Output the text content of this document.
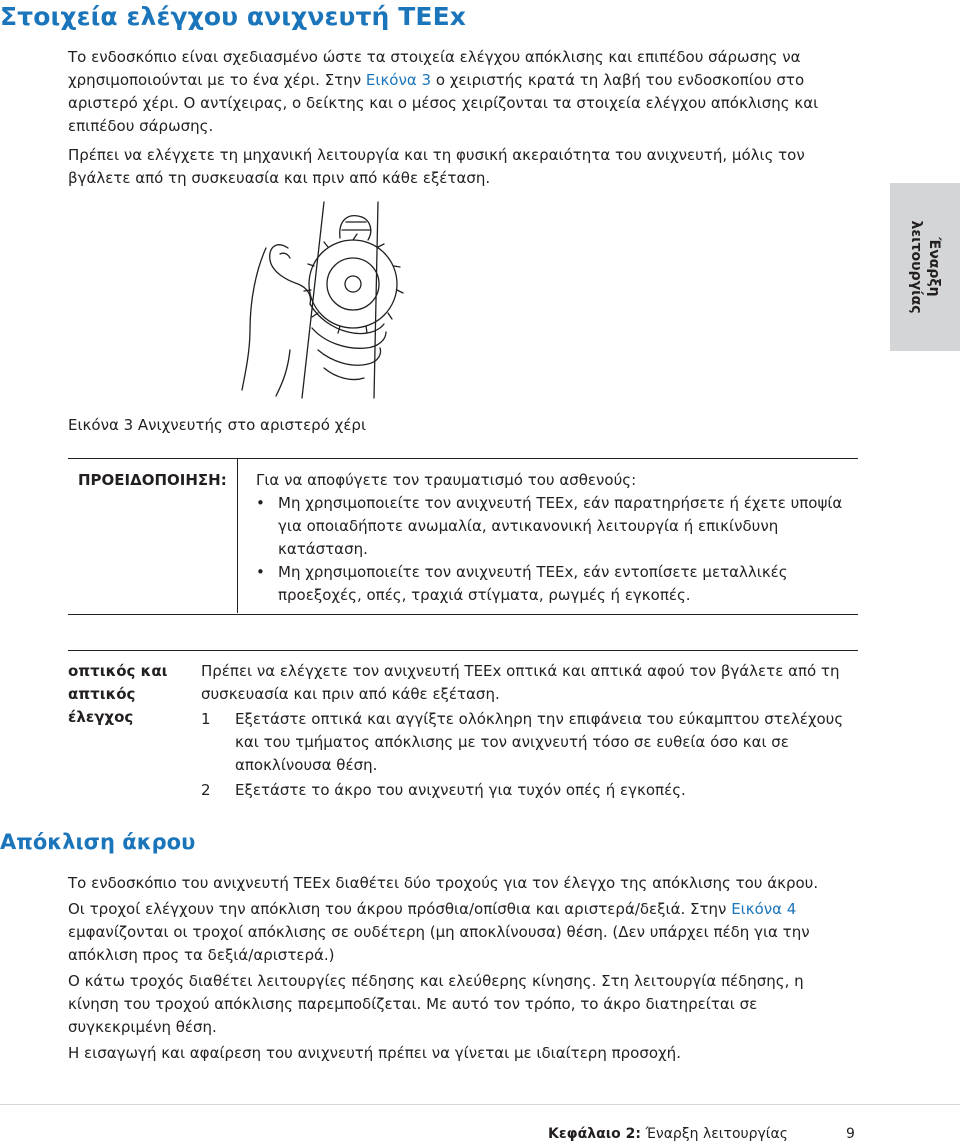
Στοιχεία ελέγχου ανιχνευτή TEEx
Το ενδοσκόπιο είναι σχεδιασμένο ώστε τα στοιχεία ελέγχου απόκλισης και επιπέδου σάρωσης να χρησιμοποιούνται με το ένα χέρι. Στην Εικόνα 3 ο χειριστής κρατά τη λαβή του ενδοσκοπίου στο αριστερό χέρι. Ο αντίχειρας, ο δείκτης και ο μέσος χειρίζονται τα στοιχεία ελέγχου απόκλισης και επιπέδου σάρωσης.
Πρέπει να ελέγχετε τη μηχανική λειτουργία και τη φυσική ακεραιότητα του ανιχνευτή, μόλις τον βγάλετε από τη συσκευασία και πριν από κάθε εξέταση.
Έναρξη
λειτουργίας
Εικόνα 3 Ανιχνευτής στο αριστερό χέρι
ΠΡΟΕΙΔΟΠΟΙΗΣΗ: Για να αποφύγετε τον τραυματισμό του ασθενούς:
• Μη χρησιμοποιείτε τον ανιχνευτή TEEx, εάν παρατηρήσετε ή έχετε υποψία για οποιαδήποτε ανωμαλία, αντικανονική λειτουργία ή επικίνδυνη κατάσταση.
• Μη χρησιμοποιείτε τον ανιχνευτή TEEx, εάν εντοπίσετε μεταλλικές προεξοχές, οπές, τραχιά στίγματα, ρωγμές ή εγκοπές.
οπτικός και
απτικός
έλεγχος
Πρέπει να ελέγχετε τον ανιχνευτή TEEx οπτικά και απτικά αφού τον βγάλετε από τη συσκευασία και πριν από κάθε εξέταση.
1 Εξετάστε οπτικά και αγγίξτε ολόκληρη την επιφάνεια του εύκαμπτου στελέχους και του τμήματος απόκλισης με τον ανιχνευτή τόσο σε ευθεία όσο και σε αποκλίνουσα θέση.
2 Εξετάστε το άκρο του ανιχνευτή για τυχόν οπές ή εγκοπές.
Απόκλιση άκρου
Το ενδοσκόπιο του ανιχνευτή TEEx διαθέτει δύο τροχούς για τον έλεγχο της απόκλισης του άκρου.
Οι τροχοί ελέγχουν την απόκλιση του άκρου πρόσθια/οπίσθια και αριστερά/δεξιά. Στην Εικόνα 4 εμφανίζονται οι τροχοί απόκλισης σε ουδέτερη (μη αποκλίνουσα) θέση. (Δεν υπάρχει πέδη για την απόκλιση προς τα δεξιά/αριστερά.)
Ο κάτω τροχός διαθέτει λειτουργίες πέδησης και ελεύθερης κίνησης. Στη λειτουργία πέδησης, η κίνηση του τροχού απόκλισης παρεμποδίζεται. Με αυτό τον τρόπο, το άκρο διατηρείται σε συγκεκριμένη θέση.
Η εισαγωγή και αφαίρεση του ανιχνευτή πρέπει να γίνεται με ιδιαίτερη προσοχή.
Κεφάλαιο 2: Έναρξη λειτουργίας	9
